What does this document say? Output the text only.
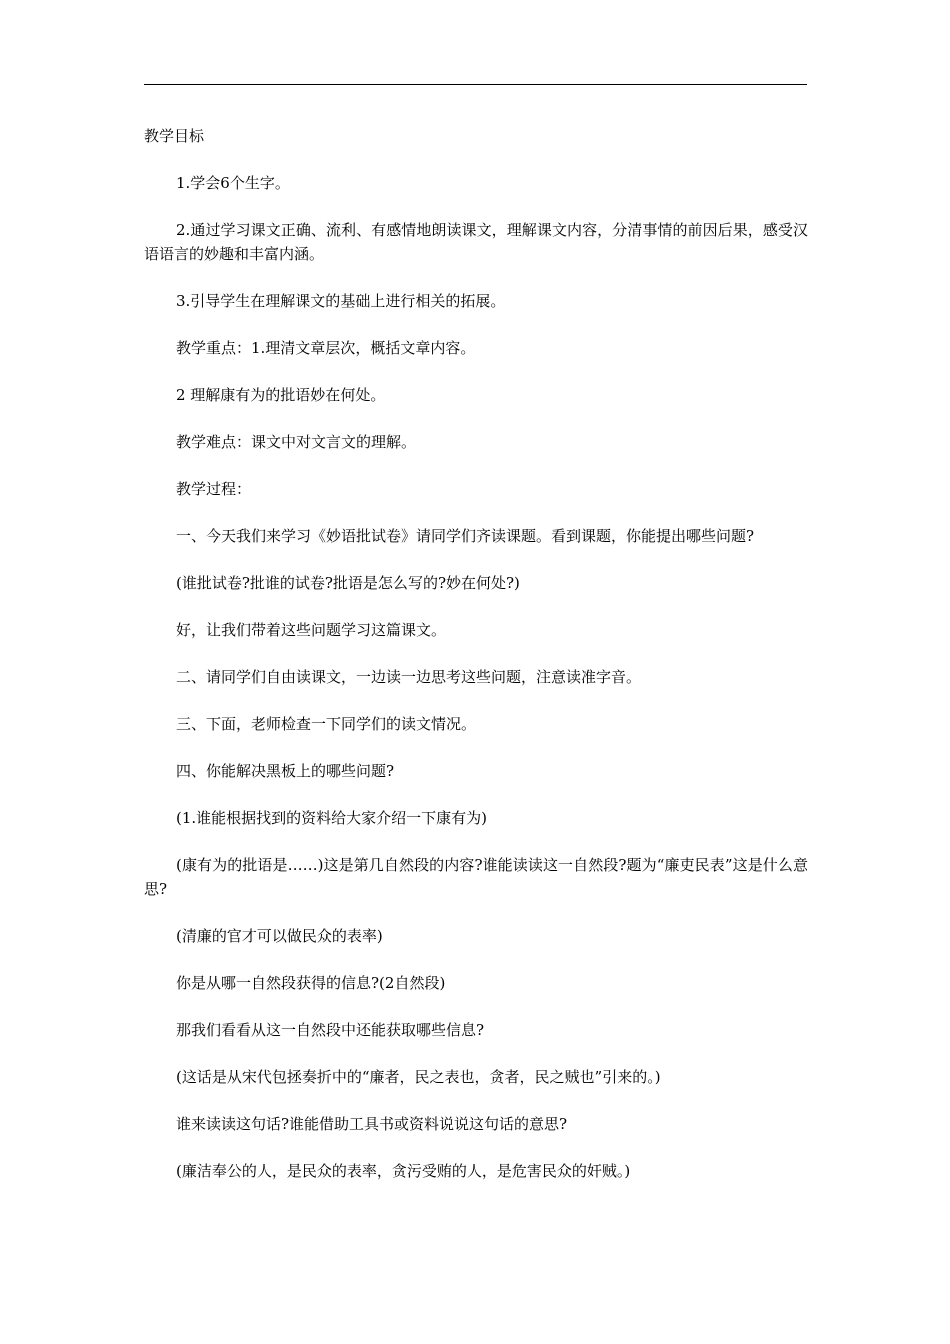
教学目标

1.学会6个生字。

2.通过学习课文正确、流利、有感情地朗读课文，理解课文内容，分清事情的前因后果，感受汉语语言的妙趣和丰富内涵。

3.引导学生在理解课文的基础上进行相关的拓展。

教学重点：1.理清文章层次，概括文章内容。

2 理解康有为的批语妙在何处。

教学难点：课文中对文言文的理解。

教学过程：

一、今天我们来学习《妙语批试卷》请同学们齐读课题。看到课题，你能提出哪些问题?

(谁批试卷?批谁的试卷?批语是怎么写的?妙在何处?)

好，让我们带着这些问题学习这篇课文。

二、请同学们自由读课文，一边读一边思考这些问题，注意读准字音。

三、下面，老师检查一下同学们的读文情况。

四、你能解决黑板上的哪些问题?

(1.谁能根据找到的资料给大家介绍一下康有为)

(康有为的批语是……)这是第几自然段的内容?谁能读读这一自然段?题为“廉吏民表”这是什么意思?

(清廉的官才可以做民众的表率)

你是从哪一自然段获得的信息?(2自然段)

那我们看看从这一自然段中还能获取哪些信息?

(这话是从宋代包拯奏折中的“廉者，民之表也，贪者，民之贼也”引来的。)

谁来读读这句话?谁能借助工具书或资料说说这句话的意思?

(廉洁奉公的人，是民众的表率，贪污受贿的人，是危害民众的奸贼。)
